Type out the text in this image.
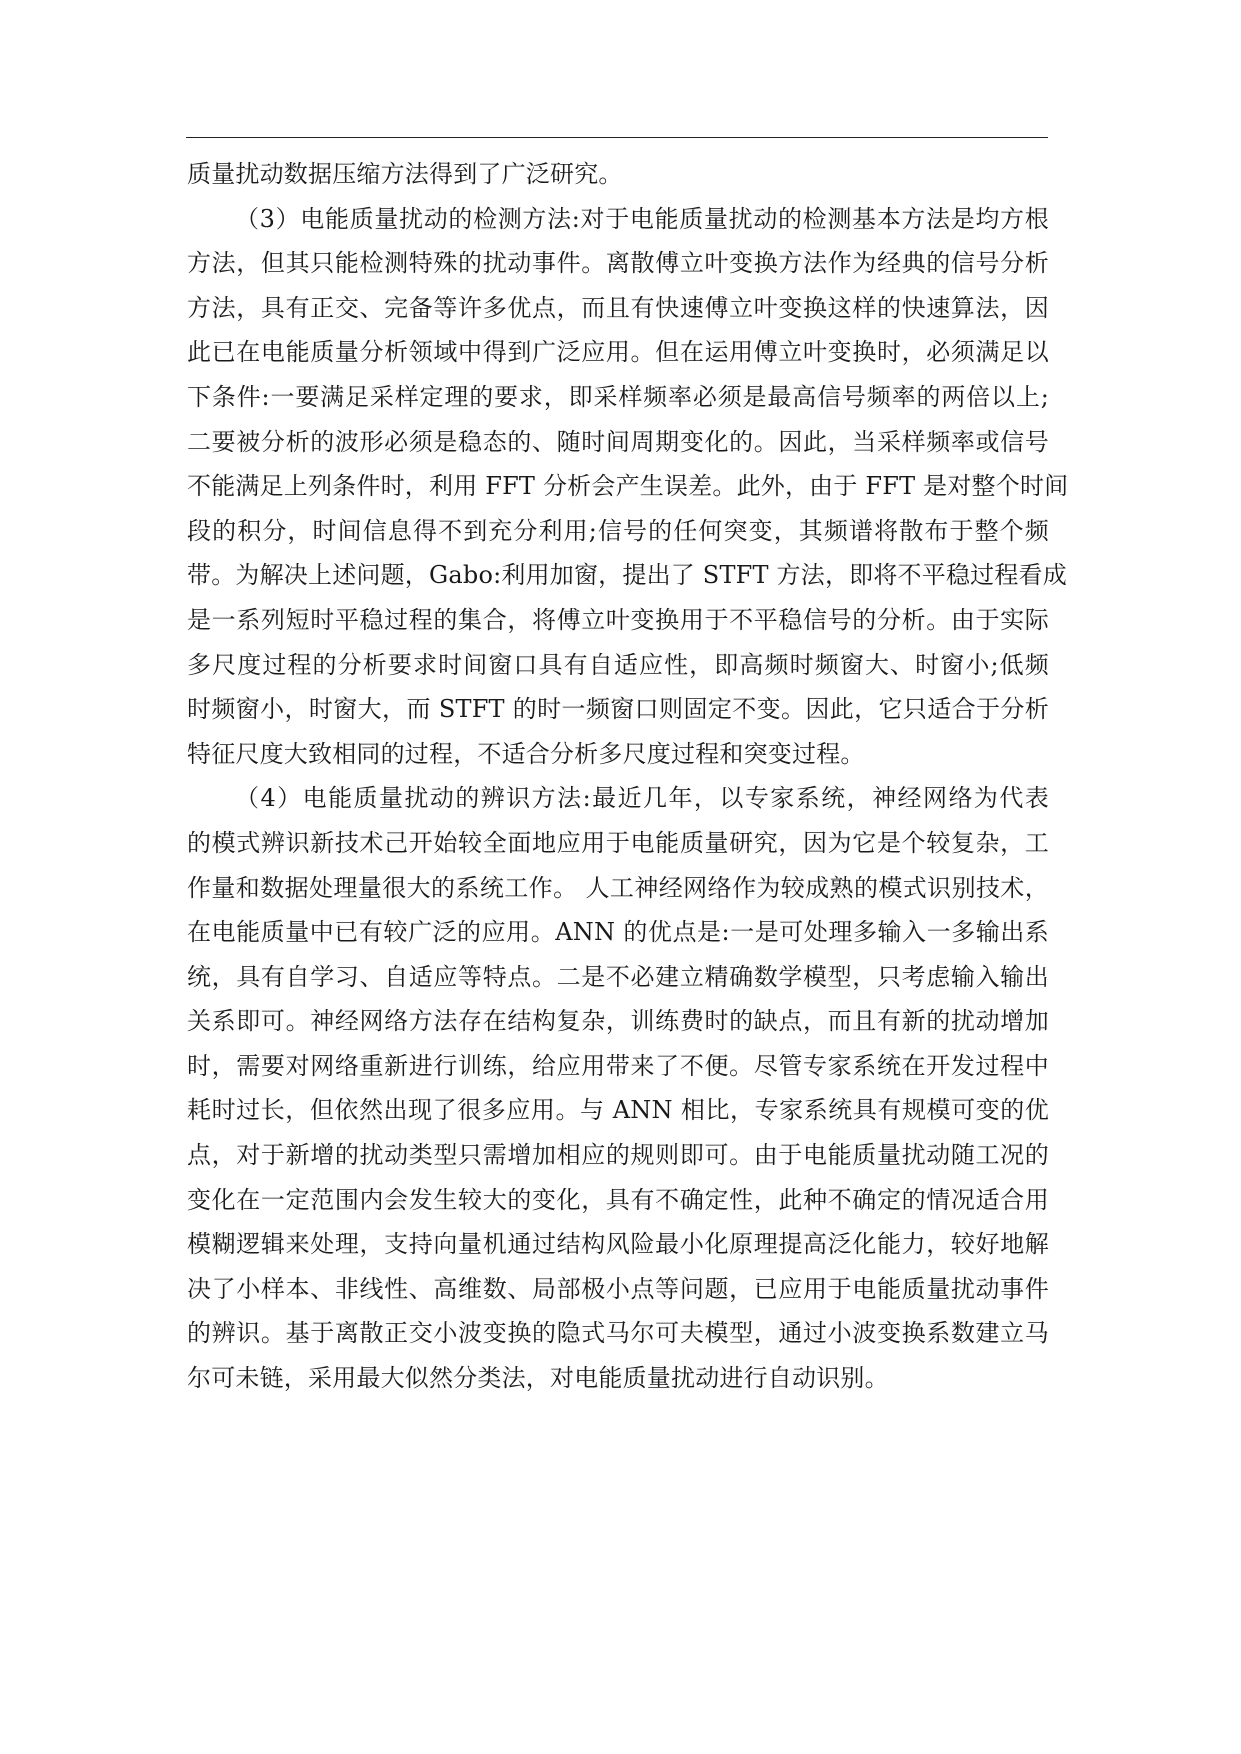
质量扰动数据压缩方法得到了广泛研究。
（3）电能质量扰动的检测方法:对于电能质量扰动的检测基本方法是均方根
方法，但其只能检测特殊的扰动事件。离散傅立叶变换方法作为经典的信号分析
方法，具有正交、完备等许多优点，而且有快速傅立叶变换这样的快速算法，因
此已在电能质量分析领域中得到广泛应用。但在运用傅立叶变换时，必须满足以
下条件:一要满足采样定理的要求，即采样频率必须是最高信号频率的两倍以上;
二要被分析的波形必须是稳态的、随时间周期变化的。因此，当采样频率或信号
不能满足上列条件时，利用 FFT 分析会产生误差。此外，由于 FFT 是对整个时间
段的积分，时间信息得不到充分利用;信号的任何突变，其频谱将散布于整个频
带。为解决上述问题，Gabo:利用加窗，提出了 STFT 方法，即将不平稳过程看成
是一系列短时平稳过程的集合，将傅立叶变换用于不平稳信号的分析。由于实际
多尺度过程的分析要求时间窗口具有自适应性，即高频时频窗大、时窗小;低频
时频窗小，时窗大，而 STFT 的时一频窗口则固定不变。因此，它只适合于分析
特征尺度大致相同的过程，不适合分析多尺度过程和突变过程。
（4）电能质量扰动的辨识方法:最近几年，以专家系统，神经网络为代表
的模式辨识新技术己开始较全面地应用于电能质量研究，因为它是个较复杂，工
作量和数据处理量很大的系统工作。 人工神经网络作为较成熟的模式识别技术，
在电能质量中已有较广泛的应用。ANN 的优点是:一是可处理多输入一多输出系
统，具有自学习、自适应等特点。二是不必建立精确数学模型，只考虑输入输出
关系即可。神经网络方法存在结构复杂，训练费时的缺点，而且有新的扰动增加
时，需要对网络重新进行训练，给应用带来了不便。尽管专家系统在开发过程中
耗时过长，但依然出现了很多应用。与 ANN 相比，专家系统具有规模可变的优
点，对于新增的扰动类型只需增加相应的规则即可。由于电能质量扰动随工况的
变化在一定范围内会发生较大的变化，具有不确定性，此种不确定的情况适合用
模糊逻辑来处理，支持向量机通过结构风险最小化原理提高泛化能力，较好地解
决了小样本、非线性、高维数、局部极小点等问题，已应用于电能质量扰动事件
的辨识。基于离散正交小波变换的隐式马尔可夫模型，通过小波变换系数建立马
尔可未链，采用最大似然分类法，对电能质量扰动进行自动识别。
